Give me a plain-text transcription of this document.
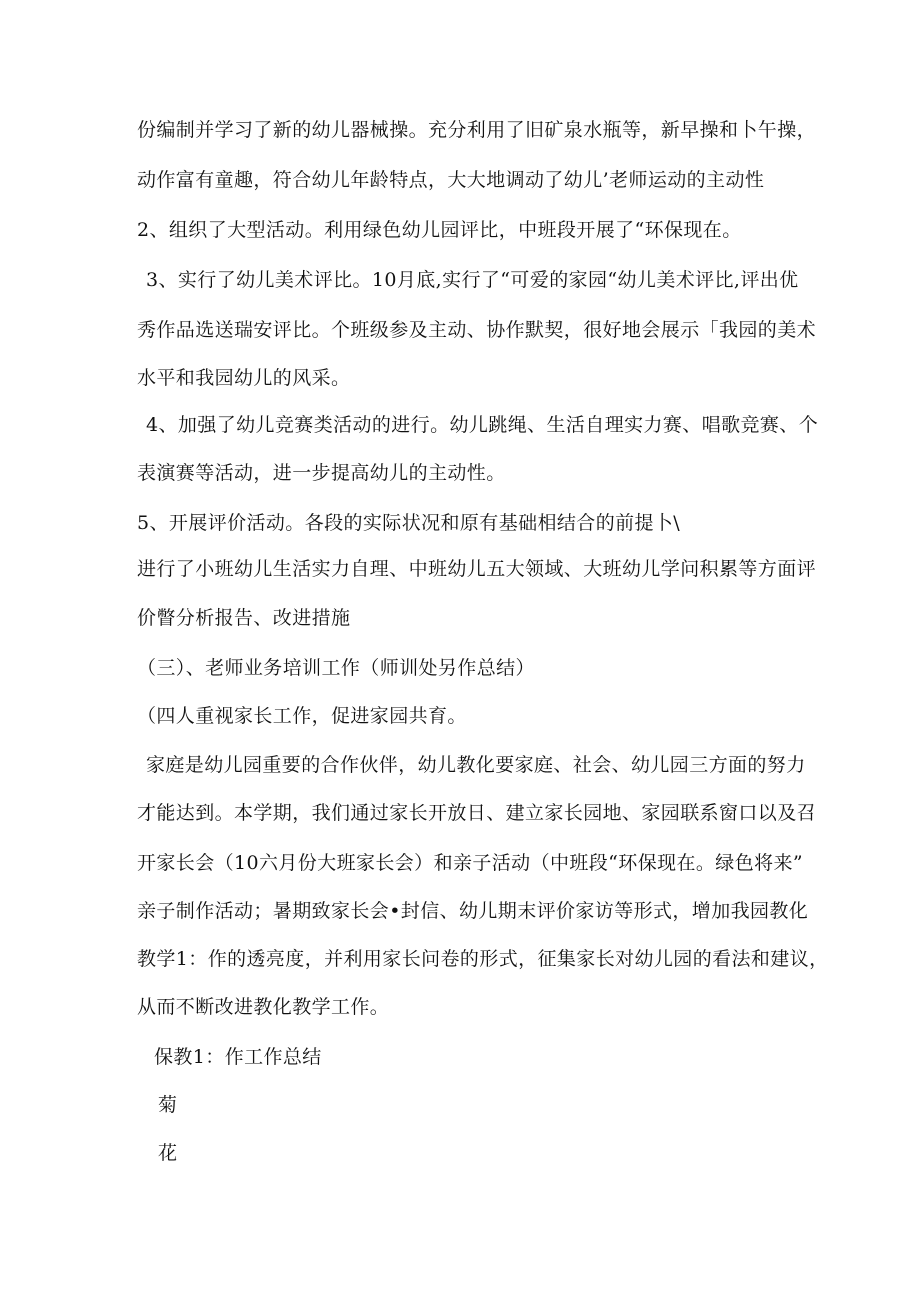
份编制并学习了新的幼儿器械操。充分利用了旧矿泉水瓶等，新早操和卜午操，
动作富有童趣，符合幼儿年龄特点，大大地调动了幼儿’老师运动的主动性
2、组织了大型活动。利用绿色幼儿园评比，中班段开展了“环保现在。
3、实行了幼儿美术评比。10月底,实行了“可爱的家园“幼儿美术评比,评出优
秀作品选送瑞安评比。个班级参及主动、协作默契，很好地会展示「我园的美术
水平和我园幼儿的风采。
4、加强了幼儿竞赛类活动的进行。幼儿跳绳、生活自理实力赛、唱歌竞赛、个
表演赛等活动，进一步提高幼儿的主动性。
5、开展评价活动。各段的实际状况和原有基础相结合的前提卜\
进行了小班幼儿生活实力自理、中班幼儿五大领域、大班幼儿学问积累等方面评
价瞥分析报告、改进措施
（三）、老师业务培训工作（师训处另作总结）
（四人重视家长工作，促进家园共育。
家庭是幼儿园重要的合作伙伴，幼儿教化要家庭、社会、幼儿园三方面的努力
才能达到。本学期，我们通过家长开放日、建立家长园地、家园联系窗口以及召
开家长会（10六月份大班家长会）和亲子活动（中班段“环保现在。绿色将来”
亲子制作活动；暑期致家长会•封信、幼儿期末评价家访等形式，增加我园教化
教学1：作的透亮度，并利用家长问卷的形式，征集家长对幼儿园的看法和建议，
从而不断改进教化教学工作。
保教1：作工作总结
菊
花
